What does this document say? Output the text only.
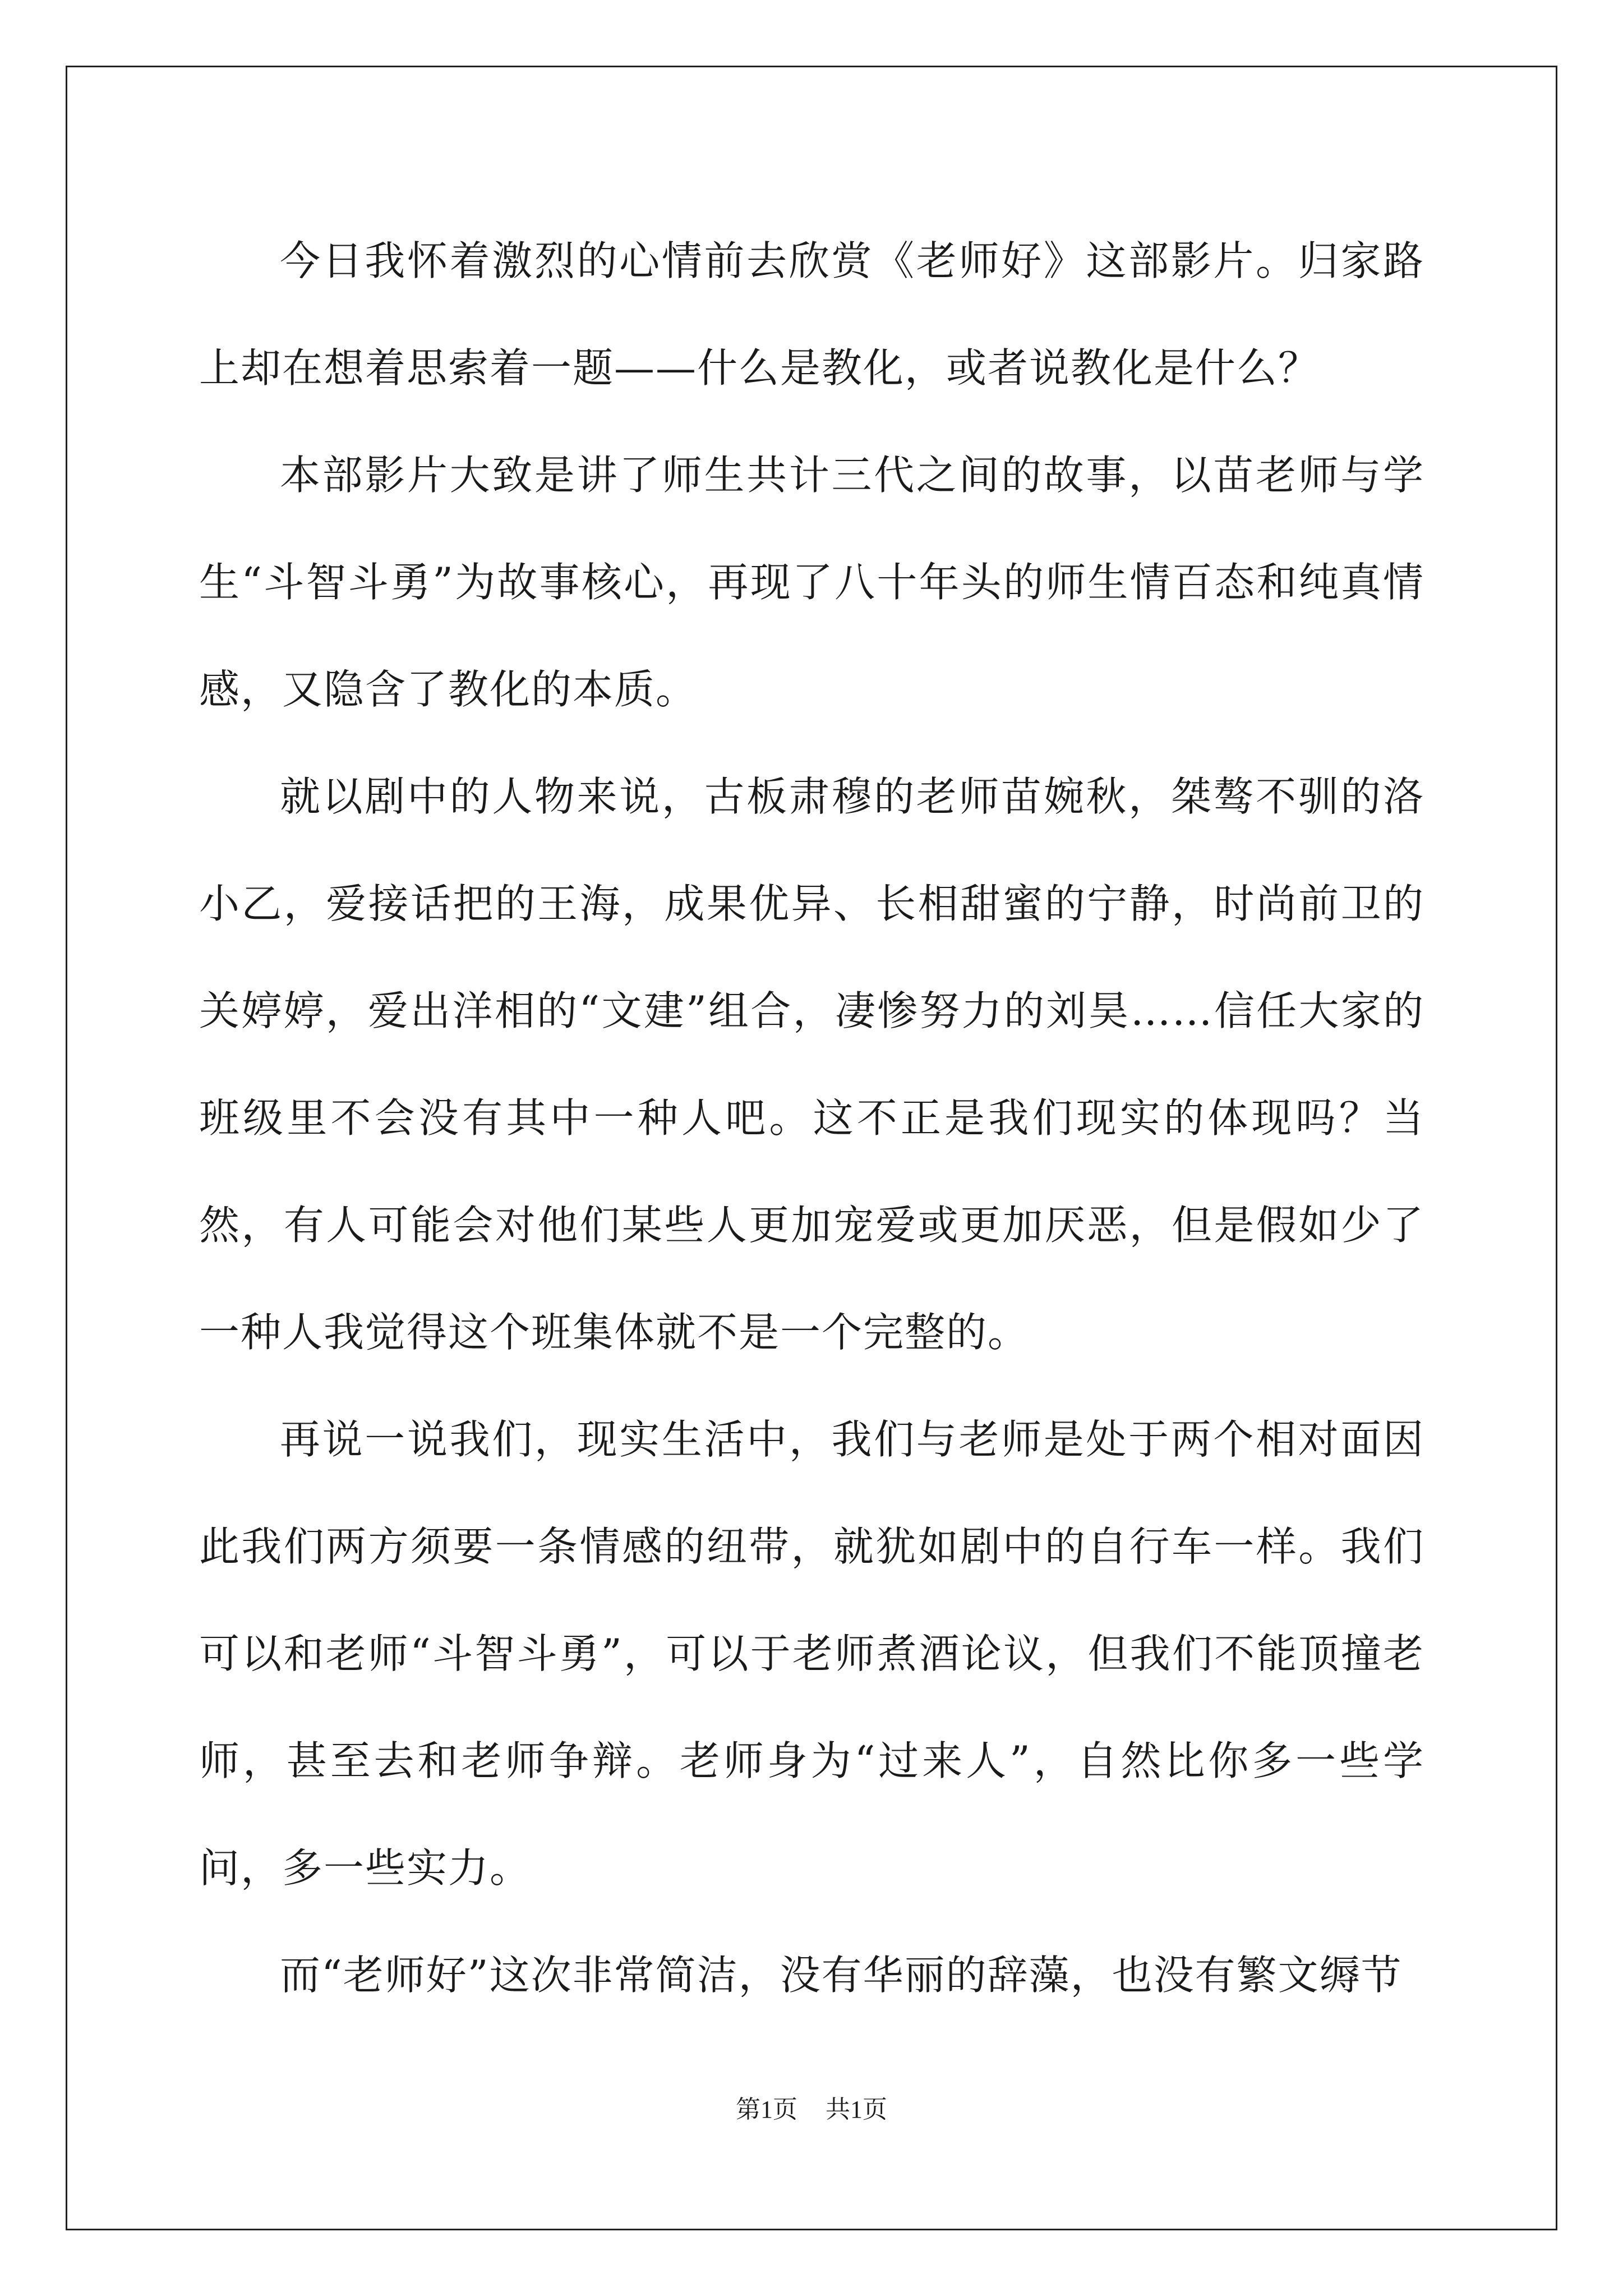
今日我怀着激烈的心情前去欣赏《老师好》这部影片。归家路上却在想着思索着一题——什么是教化，或者说教化是什么？

本部影片大致是讲了师生共计三代之间的故事，以苗老师与学生“斗智斗勇”为故事核心，再现了八十年头的师生情百态和纯真情感，又隐含了教化的本质。

就以剧中的人物来说，古板肃穆的老师苗婉秋，桀骜不驯的洛小乙，爱接话把的王海，成果优异、长相甜蜜的宁静，时尚前卫的关婷婷，爱出洋相的“文建”组合，凄惨努力的刘昊……信任大家的班级里不会没有其中一种人吧。这不正是我们现实的体现吗？当然，有人可能会对他们某些人更加宠爱或更加厌恶，但是假如少了一种人我觉得这个班集体就不是一个完整的。

再说一说我们，现实生活中，我们与老师是处于两个相对面因此我们两方须要一条情感的纽带，就犹如剧中的自行车一样。我们可以和老师“斗智斗勇”，可以于老师煮酒论议，但我们不能顶撞老师，甚至去和老师争辩。老师身为“过来人”，自然比你多一些学问，多一些实力。

而“老师好”这次非常简洁，没有华丽的辞藻，也没有繁文缛节

第1页 共1页
